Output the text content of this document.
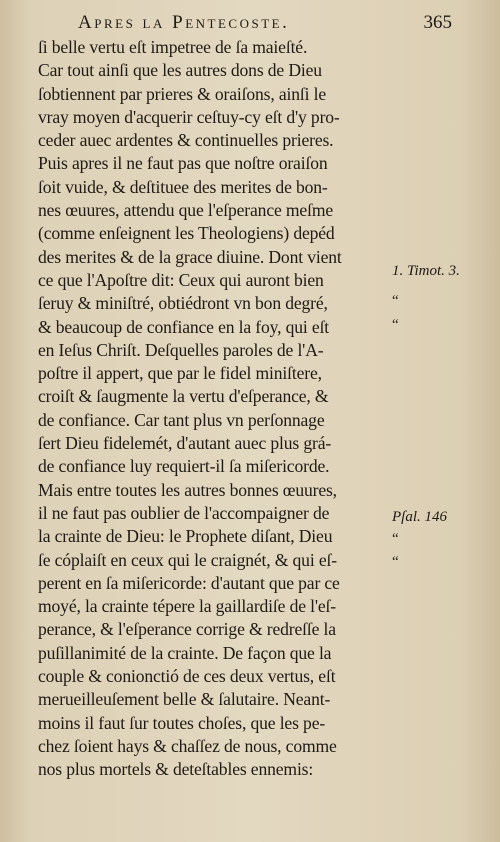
Apres la Pentecoste.	365
ſi belle vertu eſt impetree de ſa maieſté.
Car tout ainſi que les autres dons de Dieu
ſobtiennent par prieres & oraiſons, ainſi le
vray moyen d'acquerir ceſtuy-cy eſt d'y pro-
ceder auec ardentes & continuelles prieres.
Puis apres il ne faut pas que noſtre oraiſon
ſoit vuide, & deſtituee des merites de bon-
nes œuures, attendu que l'eſperance meſme
(comme enſeignent les Theologiens) depéd
des merites & de la grace diuine. Dont vient
ce que l'Apoſtre dit: Ceux qui auront bien
ſeruy & miniſtré, obtiédront vn bon degré,
& beaucoup de confiance en la foy, qui eſt
en Ieſus Chriſt. Deſquelles paroles de l'A-
poſtre il appert, que par le fidel miniſtere,
croiſt & ſaugmente la vertu d'eſperance, &
de confiance. Car tant plus vn perſonnage
ſert Dieu fidelemét, d'autant auec plus grá-
de confiance luy requiert-il ſa miſericorde.
Mais entre toutes les autres bonnes œuures,
il ne faut pas oublier de l'accompaigner de
la crainte de Dieu: le Prophete diſant, Dieu
ſe cóplaiſt en ceux qui le craignét, & qui eſ-
perent en ſa miſericorde: d'autant que par ce
moyé, la crainte tépere la gaillardiſe de l'eſ-
perance, & l'eſperance corrige & redreſſe la
puſillanimité de la crainte. De façon que la
couple & conionctió de ces deux vertus, eſt
merueilleuſement belle & ſalutaire. Neant-
moins il faut ſur toutes choſes, que les pe-
chez ſoient hays & chaſſez de nous, comme
nos plus mortels & deteſtables ennemis:
1. Timot. 3.
“
“
Pſal. 146
“
“
